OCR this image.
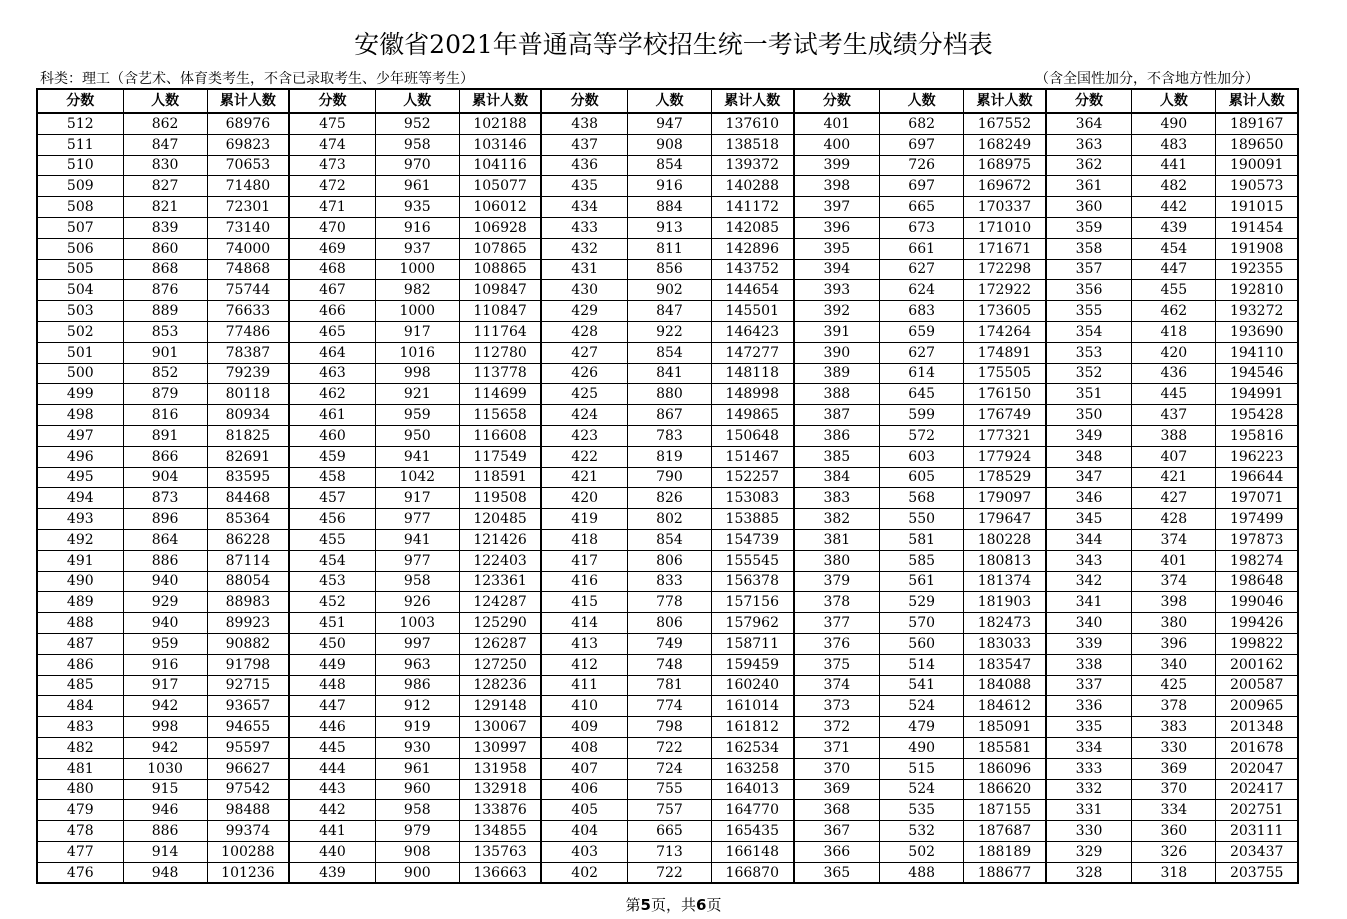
安徽省2021年普通高等学校招生统一考试考生成绩分档表
科类：理工（含艺术、体育类考生，不含已录取考生、少年班等考生）	（含全国性加分，不含地方性加分）
分数	人数	累计人数	分数	人数	累计人数	分数	人数	累计人数	分数	人数	累计人数	分数	人数	累计人数
512	862	68976	475	952	102188	438	947	137610	401	682	167552	364	490	189167
511	847	69823	474	958	103146	437	908	138518	400	697	168249	363	483	189650
510	830	70653	473	970	104116	436	854	139372	399	726	168975	362	441	190091
509	827	71480	472	961	105077	435	916	140288	398	697	169672	361	482	190573
508	821	72301	471	935	106012	434	884	141172	397	665	170337	360	442	191015
507	839	73140	470	916	106928	433	913	142085	396	673	171010	359	439	191454
506	860	74000	469	937	107865	432	811	142896	395	661	171671	358	454	191908
505	868	74868	468	1000	108865	431	856	143752	394	627	172298	357	447	192355
504	876	75744	467	982	109847	430	902	144654	393	624	172922	356	455	192810
503	889	76633	466	1000	110847	429	847	145501	392	683	173605	355	462	193272
502	853	77486	465	917	111764	428	922	146423	391	659	174264	354	418	193690
501	901	78387	464	1016	112780	427	854	147277	390	627	174891	353	420	194110
500	852	79239	463	998	113778	426	841	148118	389	614	175505	352	436	194546
499	879	80118	462	921	114699	425	880	148998	388	645	176150	351	445	194991
498	816	80934	461	959	115658	424	867	149865	387	599	176749	350	437	195428
497	891	81825	460	950	116608	423	783	150648	386	572	177321	349	388	195816
496	866	82691	459	941	117549	422	819	151467	385	603	177924	348	407	196223
495	904	83595	458	1042	118591	421	790	152257	384	605	178529	347	421	196644
494	873	84468	457	917	119508	420	826	153083	383	568	179097	346	427	197071
493	896	85364	456	977	120485	419	802	153885	382	550	179647	345	428	197499
492	864	86228	455	941	121426	418	854	154739	381	581	180228	344	374	197873
491	886	87114	454	977	122403	417	806	155545	380	585	180813	343	401	198274
490	940	88054	453	958	123361	416	833	156378	379	561	181374	342	374	198648
489	929	88983	452	926	124287	415	778	157156	378	529	181903	341	398	199046
488	940	89923	451	1003	125290	414	806	157962	377	570	182473	340	380	199426
487	959	90882	450	997	126287	413	749	158711	376	560	183033	339	396	199822
486	916	91798	449	963	127250	412	748	159459	375	514	183547	338	340	200162
485	917	92715	448	986	128236	411	781	160240	374	541	184088	337	425	200587
484	942	93657	447	912	129148	410	774	161014	373	524	184612	336	378	200965
483	998	94655	446	919	130067	409	798	161812	372	479	185091	335	383	201348
482	942	95597	445	930	130997	408	722	162534	371	490	185581	334	330	201678
481	1030	96627	444	961	131958	407	724	163258	370	515	186096	333	369	202047
480	915	97542	443	960	132918	406	755	164013	369	524	186620	332	370	202417
479	946	98488	442	958	133876	405	757	164770	368	535	187155	331	334	202751
478	886	99374	441	979	134855	404	665	165435	367	532	187687	330	360	203111
477	914	100288	440	908	135763	403	713	166148	366	502	188189	329	326	203437
476	948	101236	439	900	136663	402	722	166870	365	488	188677	328	318	203755
第5页，共6页
